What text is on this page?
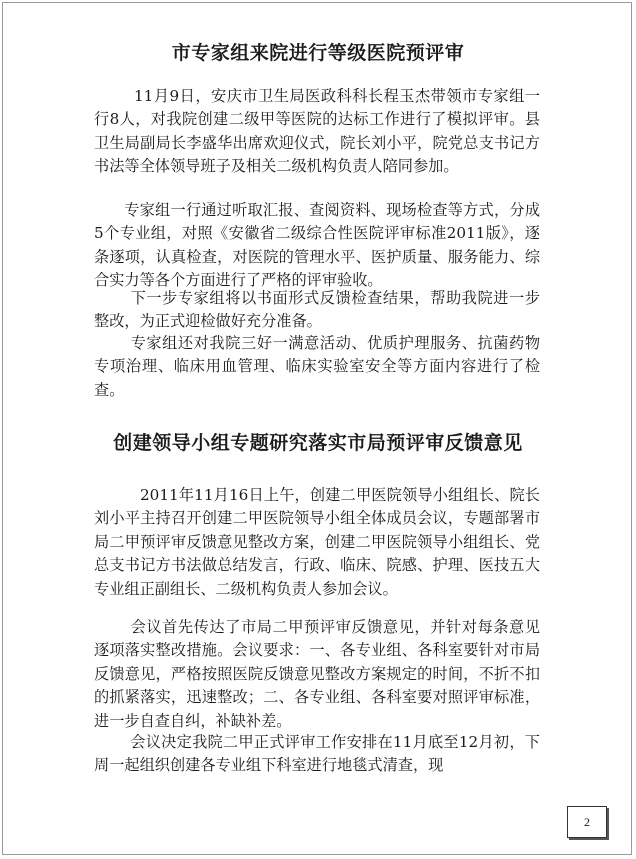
市专家组来院进行等级医院预评审

11月9日，安庆市卫生局医政科科长程玉杰带领市专家组一行8人，对我院创建二级甲等医院的达标工作进行了模拟评审。县卫生局副局长李盛华出席欢迎仪式，院长刘小平，院党总支书记方书法等全体领导班子及相关二级机构负责人陪同参加。

专家组一行通过听取汇报、查阅资料、现场检查等方式，分成5个专业组，对照《安徽省二级综合性医院评审标准2011版》，逐条逐项，认真检查，对医院的管理水平、医护质量、服务能力、综合实力等各个方面进行了严格的评审验收。

下一步专家组将以书面形式反馈检查结果，帮助我院进一步整改，为正式迎检做好充分准备。

专家组还对我院三好一满意活动、优质护理服务、抗菌药物专项治理、临床用血管理、临床实验室安全等方面内容进行了检查。

创建领导小组专题研究落实市局预评审反馈意见

2011年11月16日上午，创建二甲医院领导小组组长、院长刘小平主持召开创建二甲医院领导小组全体成员会议，专题部署市局二甲预评审反馈意见整改方案，创建二甲医院领导小组组长、党总支书记方书法做总结发言，行政、临床、院感、护理、医技五大专业组正副组长、二级机构负责人参加会议。

会议首先传达了市局二甲预评审反馈意见，并针对每条意见逐项落实整改措施。会议要求：一、各专业组、各科室要针对市局反馈意见，严格按照医院反馈意见整改方案规定的时间，不折不扣的抓紧落实，迅速整改；二、各专业组、各科室要对照评审标准，进一步自查自纠，补缺补差。

会议决定我院二甲正式评审工作安排在11月底至12月初，下周一起组织创建各专业组下科室进行地毯式清查，现

2
